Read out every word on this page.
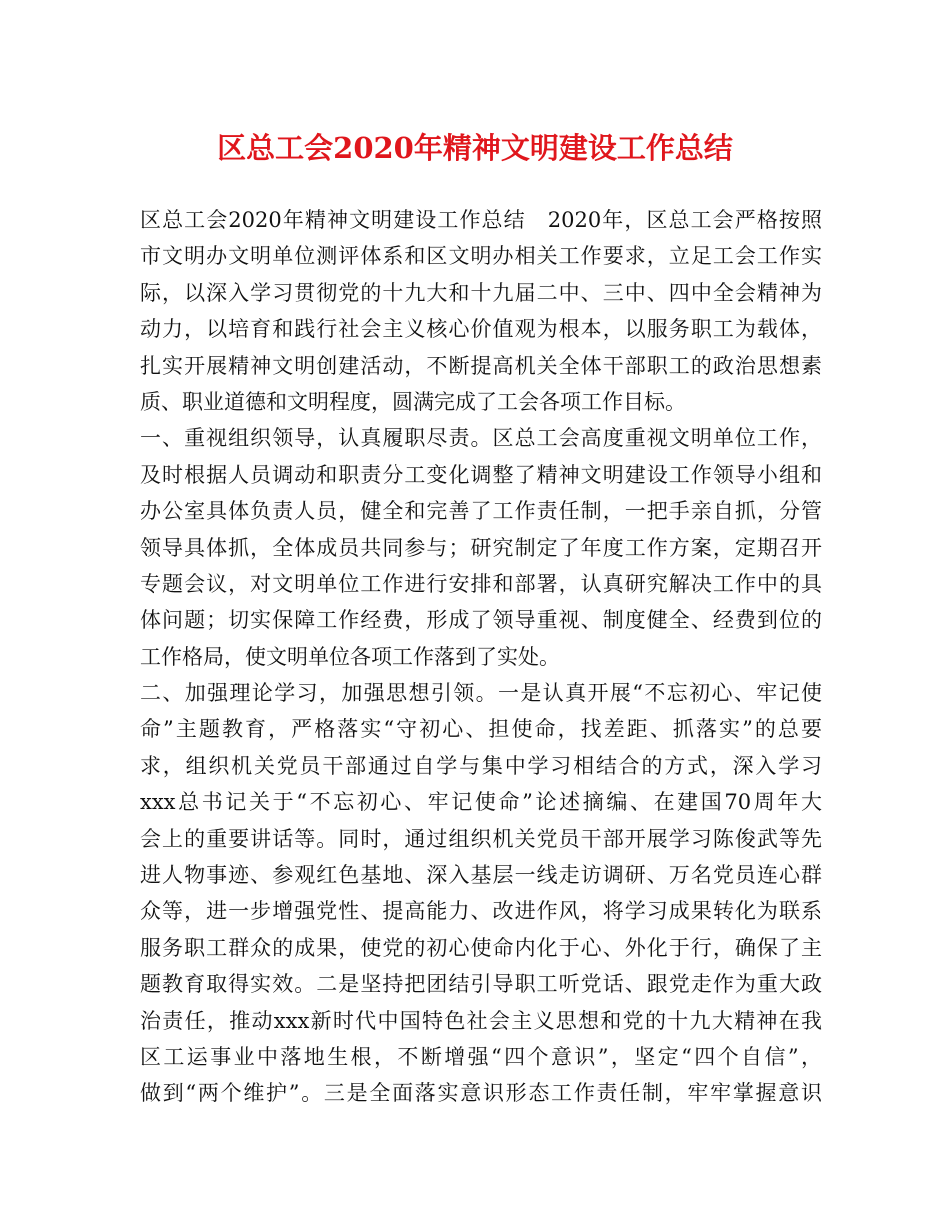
区总工会2020年精神文明建设工作总结
区总工会2020年精神文明建设工作总结　2020年，区总工会严格按照
市文明办文明单位测评体系和区文明办相关工作要求，立足工会工作实
际，以深入学习贯彻党的十九大和十九届二中、三中、四中全会精神为
动力，以培育和践行社会主义核心价值观为根本，以服务职工为载体，
扎实开展精神文明创建活动，不断提高机关全体干部职工的政治思想素
质、职业道德和文明程度，圆满完成了工会各项工作目标。
一、重视组织领导，认真履职尽责。区总工会高度重视文明单位工作，
及时根据人员调动和职责分工变化调整了精神文明建设工作领导小组和
办公室具体负责人员，健全和完善了工作责任制，一把手亲自抓，分管
领导具体抓，全体成员共同参与；研究制定了年度工作方案，定期召开
专题会议，对文明单位工作进行安排和部署，认真研究解决工作中的具
体问题；切实保障工作经费，形成了领导重视、制度健全、经费到位的
工作格局，使文明单位各项工作落到了实处。
二、加强理论学习，加强思想引领。一是认真开展“不忘初心、牢记使
命”主题教育，严格落实“守初心、担使命，找差距、抓落实”的总要
求，组织机关党员干部通过自学与集中学习相结合的方式，深入学习
xxx总书记关于“不忘初心、牢记使命”论述摘编、在建国70周年大
会上的重要讲话等。同时，通过组织机关党员干部开展学习陈俊武等先
进人物事迹、参观红色基地、深入基层一线走访调研、万名党员连心群
众等，进一步增强党性、提高能力、改进作风，将学习成果转化为联系
服务职工群众的成果，使党的初心使命内化于心、外化于行，确保了主
题教育取得实效。二是坚持把团结引导职工听党话、跟党走作为重大政
治责任，推动xxx新时代中国特色社会主义思想和党的十九大精神在我
区工运事业中落地生根，不断增强“四个意识”，坚定“四个自信”，
做到“两个维护”。三是全面落实意识形态工作责任制，牢牢掌握意识
